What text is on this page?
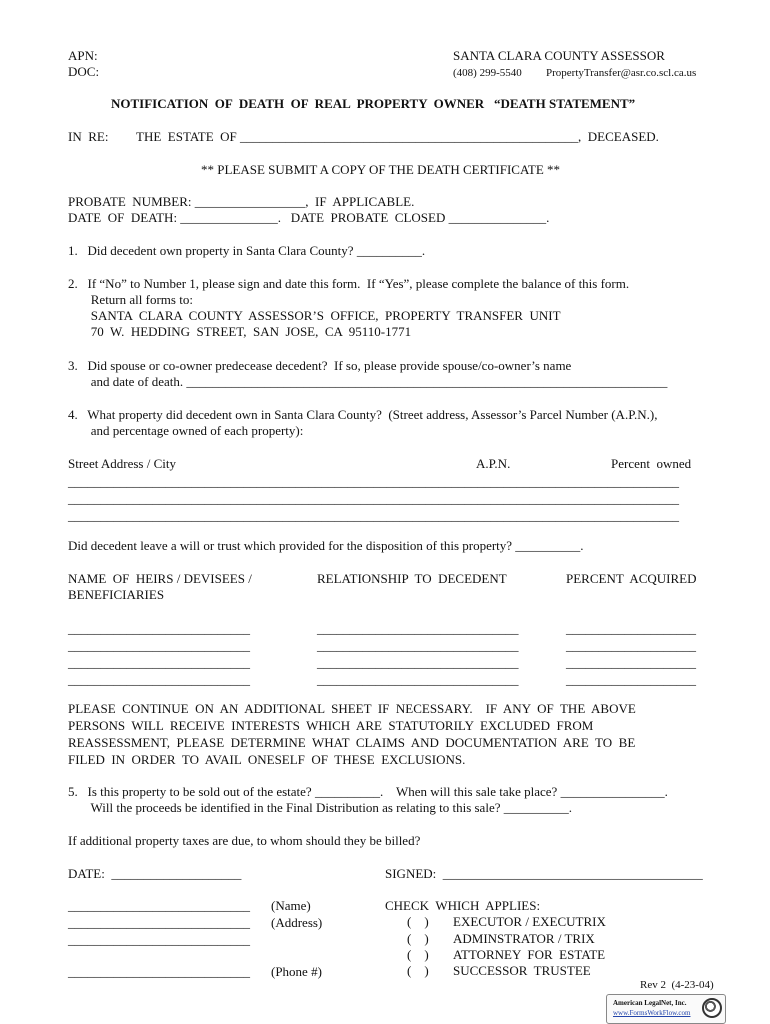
APN:
DOC:
SANTA CLARA COUNTY ASSESSOR
(408) 299-5540 PropertyTransfer@asr.co.scl.ca.us
NOTIFICATION  OF  DEATH  OF  REAL  PROPERTY  OWNER   “DEATH STATEMENT”
IN  RE: THE  ESTATE  OF ____________________________________________________,  DECEASED.
** PLEASE SUBMIT A COPY OF THE DEATH CERTIFICATE **
PROBATE  NUMBER: _________________,  IF  APPLICABLE.
DATE  OF  DEATH: _______________.   DATE  PROBATE  CLOSED _______________.
1.   Did decedent own property in Santa Clara County? __________.
2.   If “No” to Number 1, please sign and date this form.  If “Yes”, please complete the balance of this form.
Return all forms to:
SANTA  CLARA  COUNTY  ASSESSOR’S  OFFICE,  PROPERTY  TRANSFER  UNIT
70  W.  HEDDING  STREET,  SAN  JOSE,  CA  95110-1771
3.   Did spouse or co-owner predecease decedent?  If so, please provide spouse/co-owner’s name
and date of death. __________________________________________________________________________
4.   What property did decedent own in Santa Clara County?  (Street address, Assessor’s Parcel Number (A.P.N.),
and percentage owned of each property):
Street Address / City	A.P.N.	Percent  owned
______________________________________________________________________________________________
______________________________________________________________________________________________
______________________________________________________________________________________________
Did decedent leave a will or trust which provided for the disposition of this property? __________.
NAME  OF  HEIRS / DEVISEES /
BENEFICIARIES
RELATIONSHIP  TO  DECEDENT	PERCENT  ACQUIRED
____________________________	_______________________________	____________________
____________________________	_______________________________	____________________
____________________________	_______________________________	____________________
____________________________	_______________________________	____________________
PLEASE  CONTINUE  ON  AN  ADDITIONAL  SHEET  IF  NECESSARY.    IF  ANY  OF  THE  ABOVE
PERSONS  WILL  RECEIVE  INTERESTS  WHICH  ARE  STATUTORILY  EXCLUDED  FROM
REASSESSMENT,  PLEASE  DETERMINE  WHAT  CLAIMS  AND  DOCUMENTATION  ARE  TO  BE
FILED  IN  ORDER  TO  AVAIL  ONESELF  OF  THESE  EXCLUSIONS.
5.   Is this property to be sold out of the estate? __________.    When will this sale take place? ________________.
Will the proceeds be identified in the Final Distribution as relating to this sale? __________.
If additional property taxes are due, to whom should they be billed?
DATE:  ____________________	SIGNED:  ________________________________________
____________________________ (Name)
____________________________ (Address)
____________________________
____________________________ (Phone #)
CHECK  WHICH  APPLIES:
(    ) EXECUTOR / EXECUTRIX
(    ) ADMINSTRATOR / TRIX
(    ) ATTORNEY  FOR  ESTATE
(    ) SUCCESSOR  TRUSTEE
Rev 2  (4-23-04)
American LegalNet, Inc.
www.FormsWorkFlow.com
